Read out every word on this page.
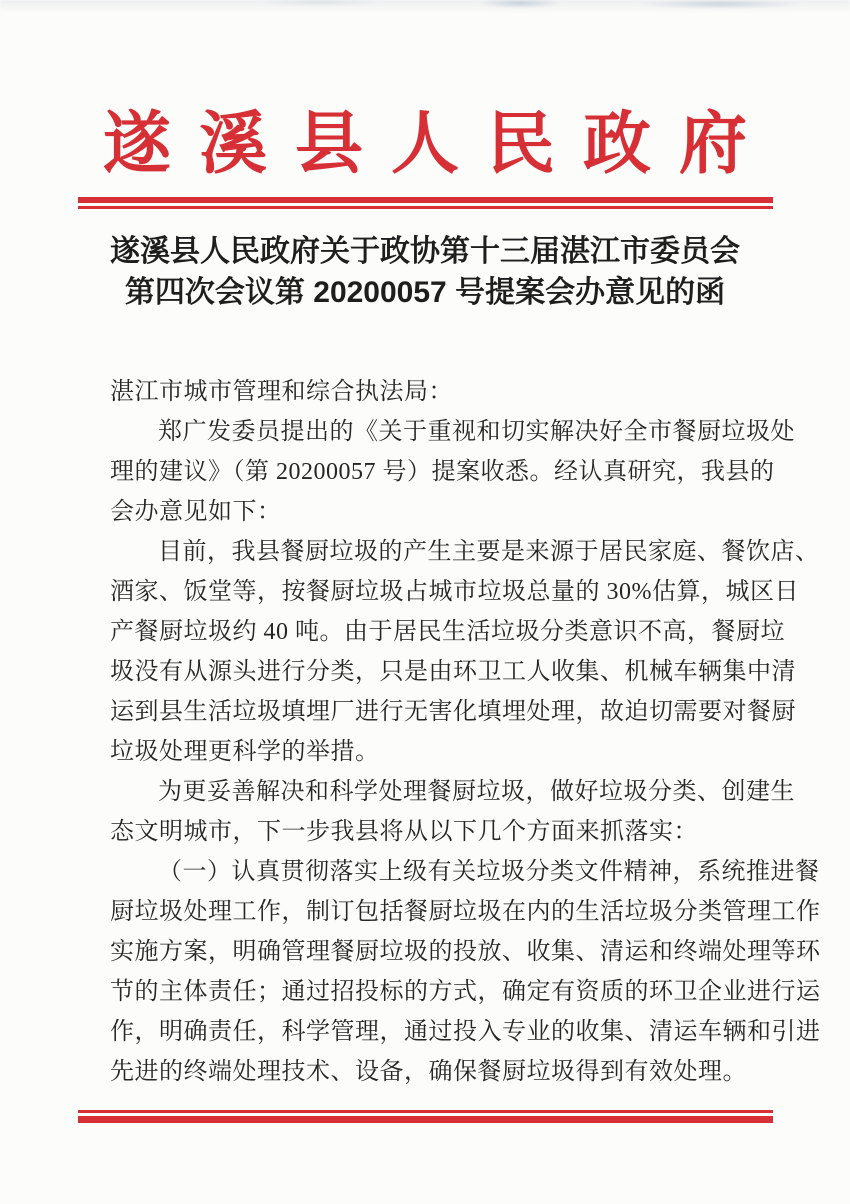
遂溪县人民政府
遂溪县人民政府关于政协第十三届湛江市委员会
第四次会议第 20200057 号提案会办意见的函
湛江市城市管理和综合执法局：
郑广发委员提出的《关于重视和切实解决好全市餐厨垃圾处
理的建议》（第 20200057 号）提案收悉。经认真研究，我县的
会办意见如下：
目前，我县餐厨垃圾的产生主要是来源于居民家庭、餐饮店、
酒家、饭堂等，按餐厨垃圾占城市垃圾总量的 30%估算，城区日
产餐厨垃圾约 40 吨。由于居民生活垃圾分类意识不高，餐厨垃
圾没有从源头进行分类，只是由环卫工人收集、机械车辆集中清
运到县生活垃圾填埋厂进行无害化填埋处理，故迫切需要对餐厨
垃圾处理更科学的举措。
为更妥善解决和科学处理餐厨垃圾，做好垃圾分类、创建生
态文明城市，下一步我县将从以下几个方面来抓落实：
（一）认真贯彻落实上级有关垃圾分类文件精神，系统推进餐
厨垃圾处理工作，制订包括餐厨垃圾在内的生活垃圾分类管理工作
实施方案，明确管理餐厨垃圾的投放、收集、清运和终端处理等环
节的主体责任；通过招投标的方式，确定有资质的环卫企业进行运
作，明确责任，科学管理，通过投入专业的收集、清运车辆和引进
先进的终端处理技术、设备，确保餐厨垃圾得到有效处理。
